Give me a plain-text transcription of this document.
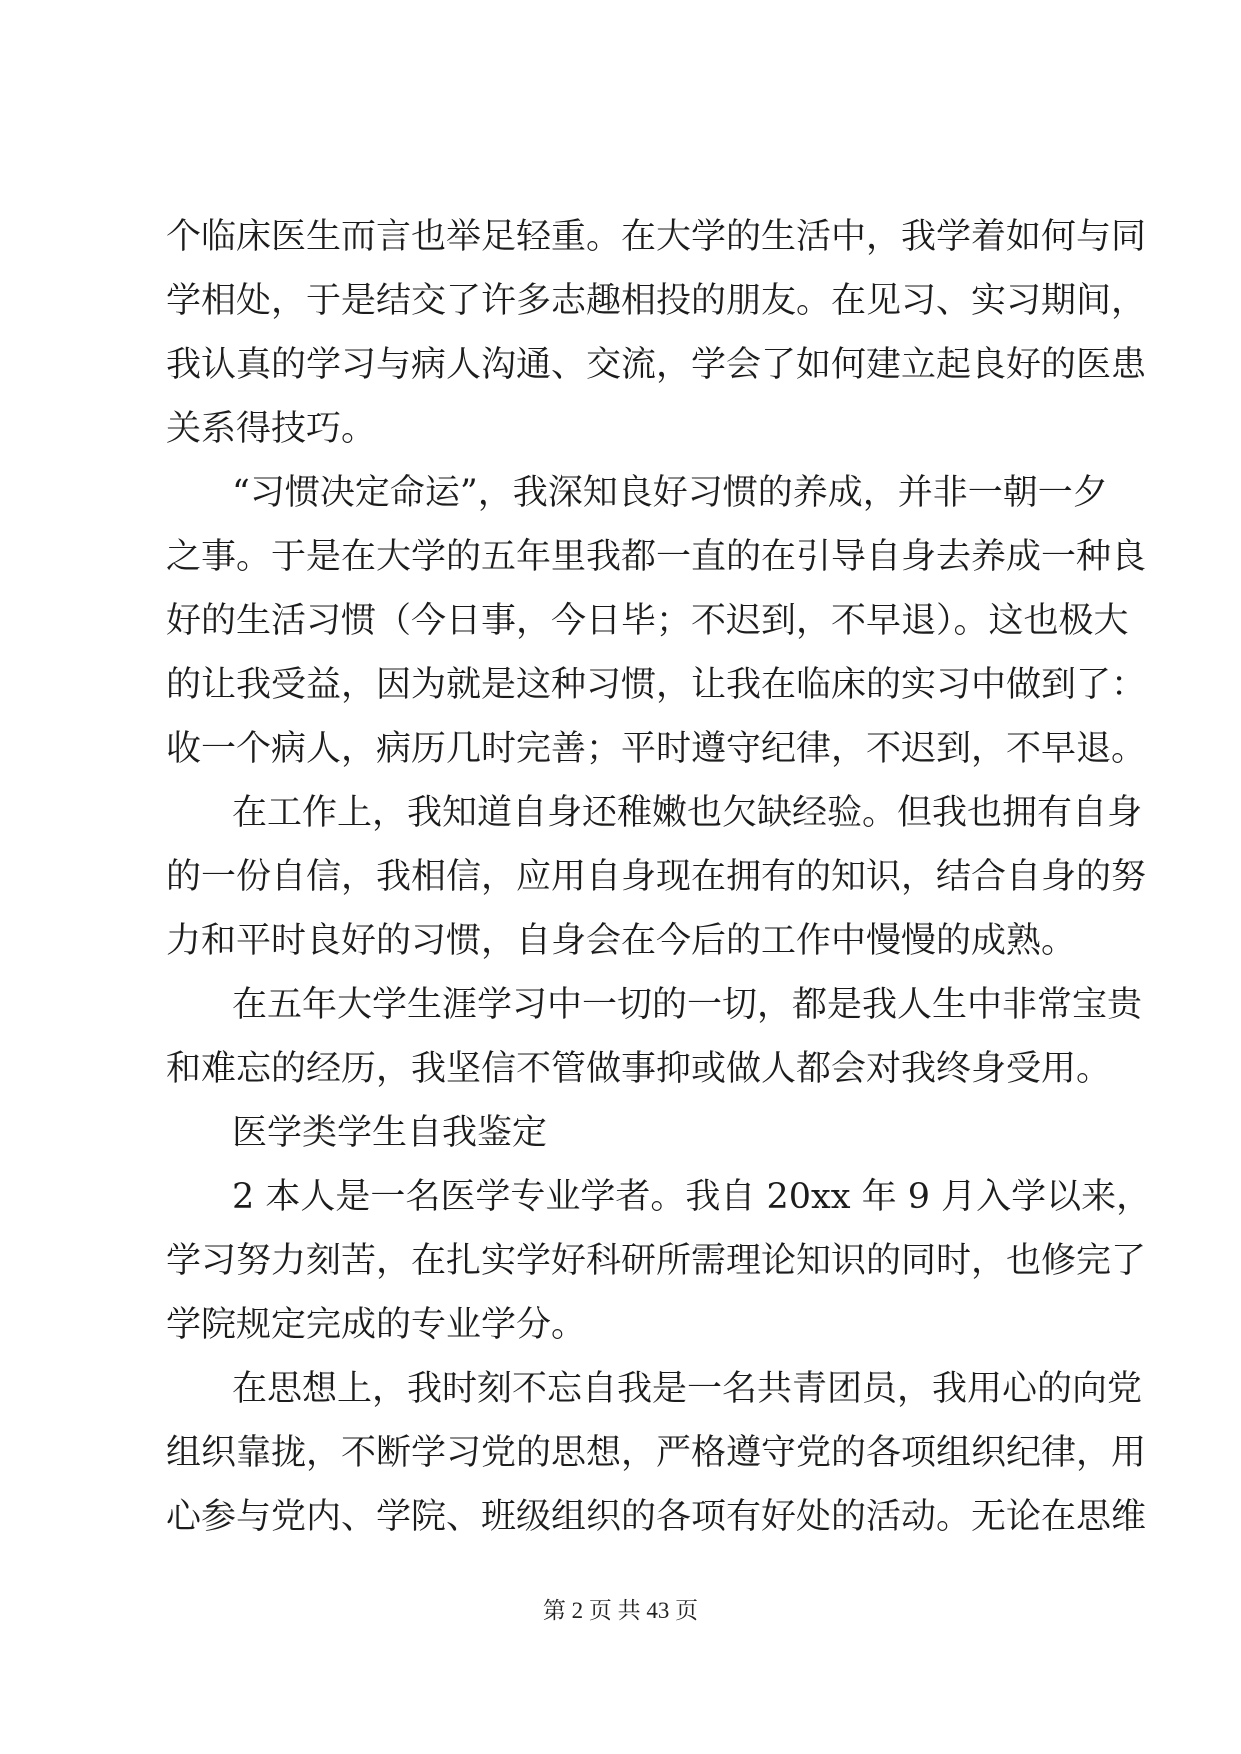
个临床医生而言也举足轻重。在大学的生活中，我学着如何与同
学相处，于是结交了许多志趣相投的朋友。在见习、实习期间，
我认真的学习与病人沟通、交流，学会了如何建立起良好的医患
关系得技巧。
“习惯决定命运”，我深知良好习惯的养成，并非一朝一夕
之事。于是在大学的五年里我都一直的在引导自身去养成一种良
好的生活习惯（今日事，今日毕；不迟到，不早退）。这也极大
的让我受益，因为就是这种习惯，让我在临床的实习中做到了：
收一个病人，病历几时完善；平时遵守纪律，不迟到，不早退。
在工作上，我知道自身还稚嫩也欠缺经验。但我也拥有自身
的一份自信，我相信，应用自身现在拥有的知识，结合自身的努
力和平时良好的习惯，自身会在今后的工作中慢慢的成熟。
在五年大学生涯学习中一切的一切，都是我人生中非常宝贵
和难忘的经历，我坚信不管做事抑或做人都会对我终身受用。
医学类学生自我鉴定
2 本人是一名医学专业学者。我自 20xx 年 9 月入学以来，
学习努力刻苦，在扎实学好科研所需理论知识的同时，也修完了
学院规定完成的专业学分。
在思想上，我时刻不忘自我是一名共青团员，我用心的向党
组织靠拢，不断学习党的思想，严格遵守党的各项组织纪律，用
心参与党内、学院、班级组织的各项有好处的活动。无论在思维
第 2 页 共 43 页
